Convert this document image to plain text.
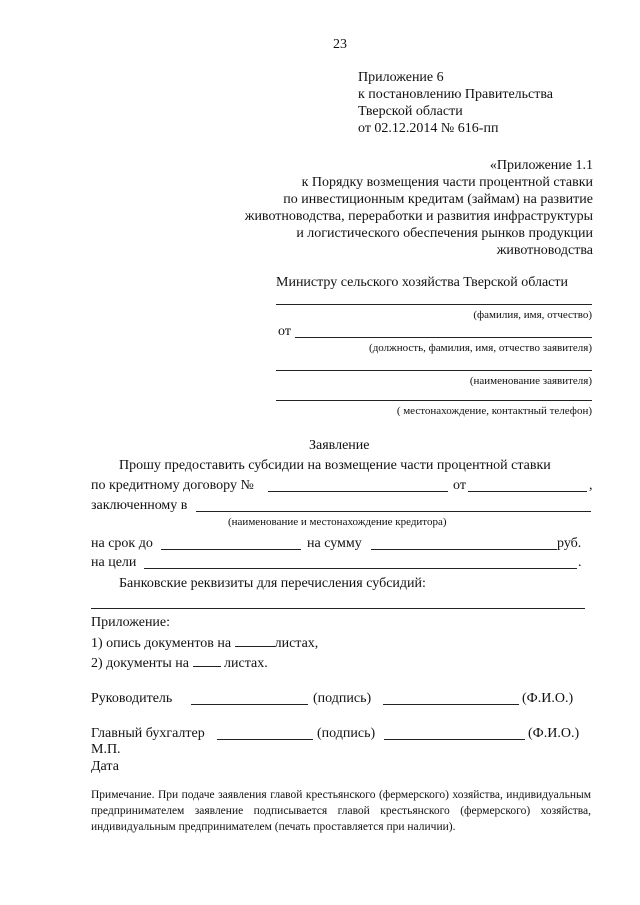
23
Приложение 6
к постановлению Правительства
Тверской области
от 02.12.2014 № 616-пп
«Приложение 1.1
к Порядку возмещения части процентной ставки
по инвестиционным кредитам (займам) на развитие
животноводства, переработки и развития инфраструктуры
и логистического обеспечения рынков продукции
животноводства
Министру сельского хозяйства Тверской области
(фамилия, имя, отчество)
от
(должность, фамилия, имя, отчество заявителя)
(наименование заявителя)
( местонахождение, контактный телефон)
Заявление
Прошу предоставить субсидии на возмещение части процентной ставки
по кредитному договору №	от	,
заключенному в
(наименование и местонахождение кредитора)
на срок до	на сумму	руб.
на цели	.
Банковские реквизиты для перечисления субсидий:
Приложение:
1) опись документов на	листах,
2) документы на	листах.
Руководитель	(подпись)	(Ф.И.О.)
Главный бухгалтер	(подпись)	(Ф.И.О.)
М.П.
Дата
Примечание. При подаче заявления главой крестьянского (фермерского) хозяйства, индивидуальным предпринимателем заявление подписывается главой крестьянского (фермерского) хозяйства, индивидуальным предпринимателем (печать проставляется при наличии).
